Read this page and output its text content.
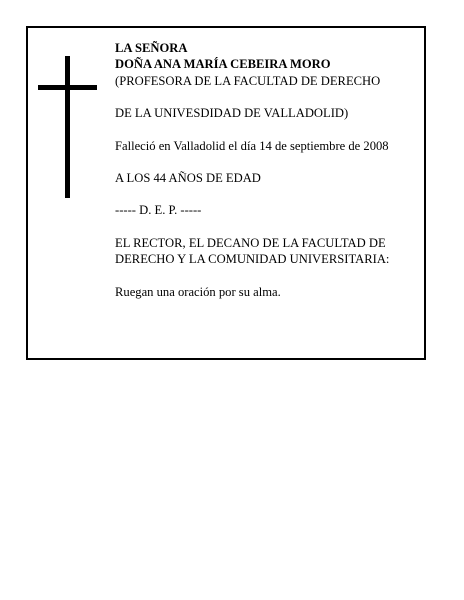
LA SEÑORA

DOÑA ANA MARÍA CEBEIRA MORO

(PROFESORA DE LA FACULTAD DE DERECHO

DE LA UNIVESDIDAD DE VALLADOLID)

Falleció en Valladolid el día 14 de septiembre de 2008

A LOS 44 AÑOS DE EDAD

----- D. E. P. -----

EL RECTOR, EL DECANO DE LA FACULTAD DE

DERECHO Y LA COMUNIDAD UNIVERSITARIA:

Ruegan una oración por su alma.
